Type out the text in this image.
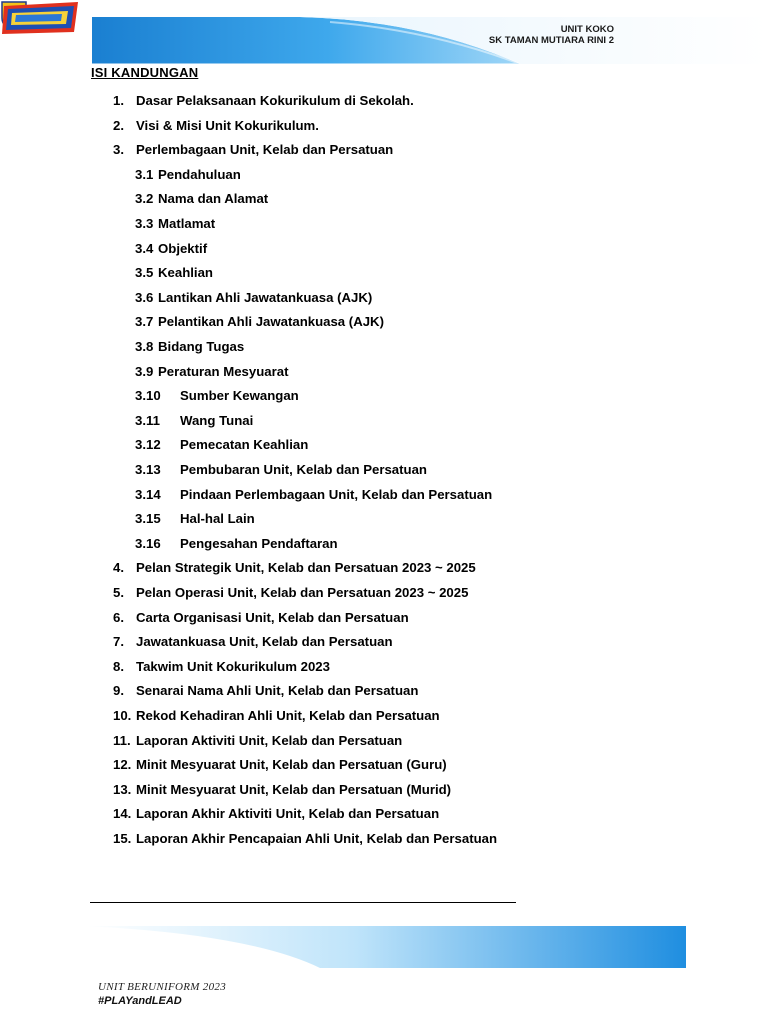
UNIT KOKO
SK TAMAN MUTIARA RINI 2
ISI KANDUNGAN
1. Dasar Pelaksanaan Kokurikulum di Sekolah.
2. Visi & Misi Unit Kokurikulum.
3. Perlembagaan Unit, Kelab dan Persatuan
3.1 Pendahuluan
3.2 Nama dan Alamat
3.3 Matlamat
3.4 Objektif
3.5 Keahlian
3.6 Lantikan Ahli Jawatankuasa (AJK)
3.7 Pelantikan Ahli Jawatankuasa (AJK)
3.8 Bidang Tugas
3.9 Peraturan Mesyuarat
3.10 Sumber Kewangan
3.11 Wang Tunai
3.12 Pemecatan Keahlian
3.13 Pembubaran Unit, Kelab dan Persatuan
3.14 Pindaan Perlembagaan Unit, Kelab dan Persatuan
3.15 Hal-hal Lain
3.16 Pengesahan Pendaftaran
4. Pelan Strategik Unit, Kelab dan Persatuan 2023 ~ 2025
5. Pelan Operasi Unit, Kelab dan Persatuan 2023 ~ 2025
6. Carta Organisasi Unit, Kelab dan Persatuan
7. Jawatankuasa Unit, Kelab dan Persatuan
8. Takwim Unit Kokurikulum 2023
9. Senarai Nama Ahli Unit, Kelab dan Persatuan
10. Rekod Kehadiran Ahli Unit, Kelab dan Persatuan
11. Laporan Aktiviti Unit, Kelab dan Persatuan
12. Minit Mesyuarat Unit, Kelab dan Persatuan (Guru)
13. Minit Mesyuarat Unit, Kelab dan Persatuan (Murid)
14. Laporan Akhir Aktiviti Unit, Kelab dan Persatuan
15. Laporan Akhir Pencapaian Ahli Unit, Kelab dan Persatuan
UNIT BERUNIFORM 2023
#PLAYandLEAD
